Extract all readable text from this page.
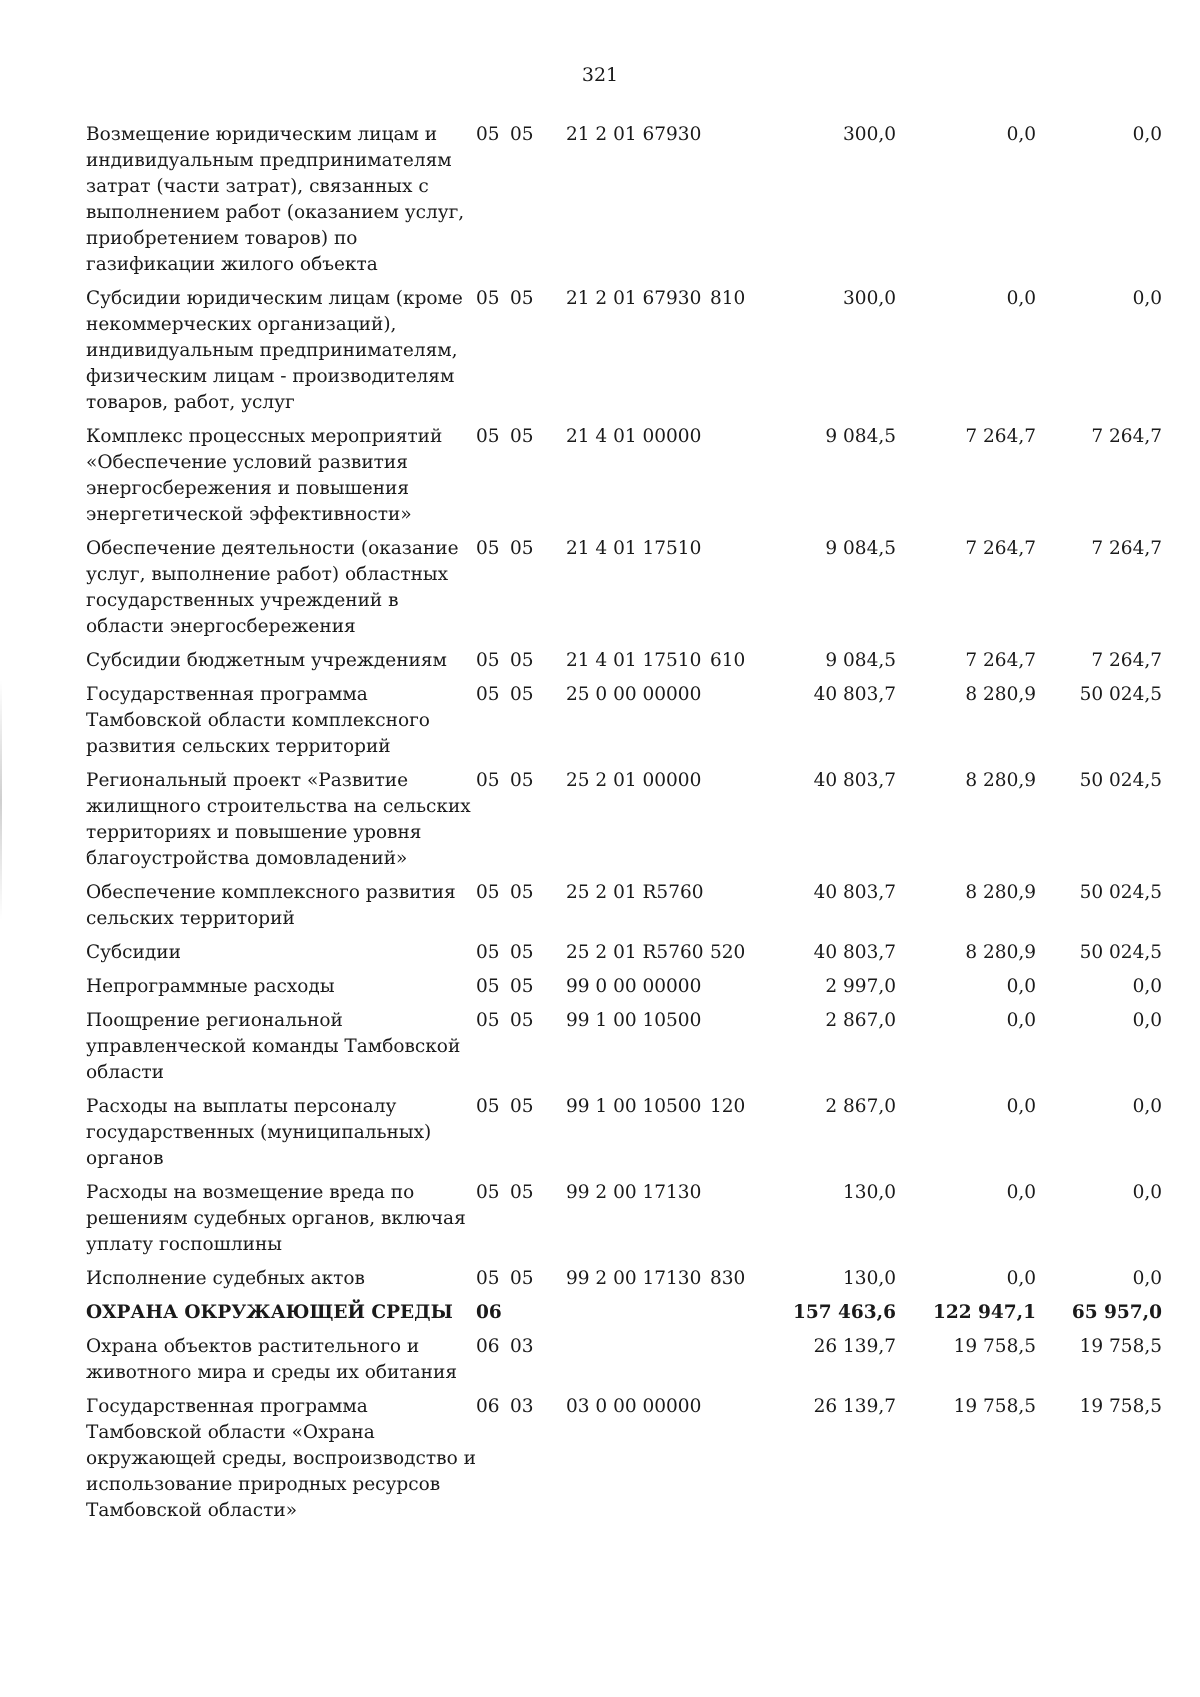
321
Возмещение юридическим лицам и индивидуальным предпринимателям затрат (части затрат), связанных с выполнением работ (оказанием услуг, приобретением товаров) по газификации жилого объекта	05	05	21 2 01 67930		300,0	0,0	0,0
Субсидии юридическим лицам (кроме некоммерческих организаций), индивидуальным предпринимателям, физическим лицам - производителям товаров, работ, услуг	05	05	21 2 01 67930	810	300,0	0,0	0,0
Комплекс процессных мероприятий «Обеспечение условий развития энергосбережения и повышения энергетической эффективности»	05	05	21 4 01 00000		9 084,5	7 264,7	7 264,7
Обеспечение деятельности (оказание услуг, выполнение работ) областных государственных учреждений в области энергосбережения	05	05	21 4 01 17510		9 084,5	7 264,7	7 264,7
Субсидии бюджетным учреждениям	05	05	21 4 01 17510	610	9 084,5	7 264,7	7 264,7
Государственная программа Тамбовской области комплексного развития сельских территорий	05	05	25 0 00 00000		40 803,7	8 280,9	50 024,5
Региональный проект «Развитие жилищного строительства на сельских территориях и повышение уровня благоустройства домовладений»	05	05	25 2 01 00000		40 803,7	8 280,9	50 024,5
Обеспечение комплексного развития сельских территорий	05	05	25 2 01 R5760		40 803,7	8 280,9	50 024,5
Субсидии	05	05	25 2 01 R5760	520	40 803,7	8 280,9	50 024,5
Непрограммные расходы	05	05	99 0 00 00000		2 997,0	0,0	0,0
Поощрение региональной управленческой команды Тамбовской области	05	05	99 1 00 10500		2 867,0	0,0	0,0
Расходы на выплаты персоналу государственных (муниципальных) органов	05	05	99 1 00 10500	120	2 867,0	0,0	0,0
Расходы на возмещение вреда по решениям судебных органов, включая уплату госпошлины	05	05	99 2 00 17130		130,0	0,0	0,0
Исполнение судебных актов	05	05	99 2 00 17130	830	130,0	0,0	0,0
ОХРАНА ОКРУЖАЮЩЕЙ СРЕДЫ	06				157 463,6	122 947,1	65 957,0
Охрана объектов растительного и животного мира и среды их обитания	06	03			26 139,7	19 758,5	19 758,5
Государственная программа Тамбовской области «Охрана окружающей среды, воспроизводство и использование природных ресурсов Тамбовской области»	06	03	03 0 00 00000		26 139,7	19 758,5	19 758,5
